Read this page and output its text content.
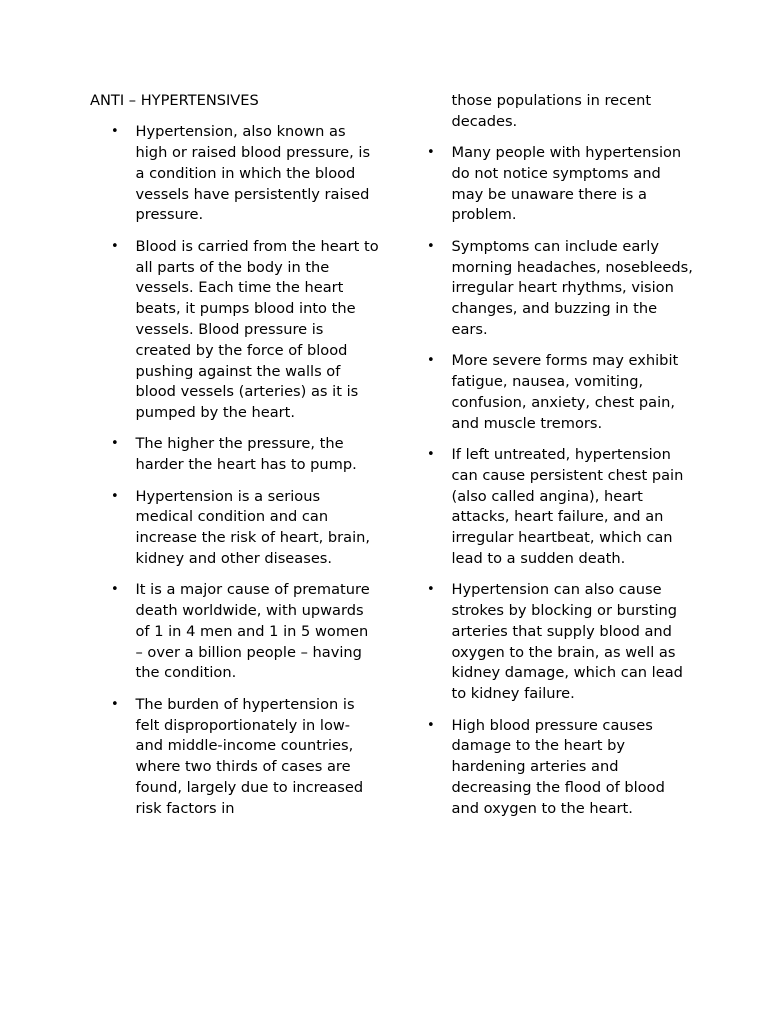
ANTI – HYPERTENSIVES
• Hypertension, also known as high or raised blood pressure, is a condition in which the blood vessels have persistently raised pressure.
• Blood is carried from the heart to all parts of the body in the vessels. Each time the heart beats, it pumps blood into the vessels. Blood pressure is created by the force of blood pushing against the walls of blood vessels (arteries) as it is pumped by the heart.
• The higher the pressure, the harder the heart has to pump.
• Hypertension is a serious medical condition and can increase the risk of heart, brain, kidney and other diseases.
• It is a major cause of premature death worldwide, with upwards of 1 in 4 men and 1 in 5 women – over a billion people – having the condition.
• The burden of hypertension is felt disproportionately in low- and middle-income countries, where two thirds of cases are found, largely due to increased risk factors in

those populations in recent decades.

• Many people with hypertension do not notice symptoms and may be unaware there is a problem.
• Symptoms can include early morning headaches, nosebleeds, irregular heart rhythms, vision changes, and buzzing in the ears.
• More severe forms may exhibit fatigue, nausea, vomiting, confusion, anxiety, chest pain, and muscle tremors.
• If left untreated, hypertension can cause persistent chest pain (also called angina), heart attacks, heart failure, and an irregular heartbeat, which can lead to a sudden death.
• Hypertension can also cause strokes by blocking or bursting arteries that supply blood and oxygen to the brain, as well as kidney damage, which can lead to kidney failure.
• High blood pressure causes damage to the heart by hardening arteries and decreasing the flood of blood and oxygen to the heart.
